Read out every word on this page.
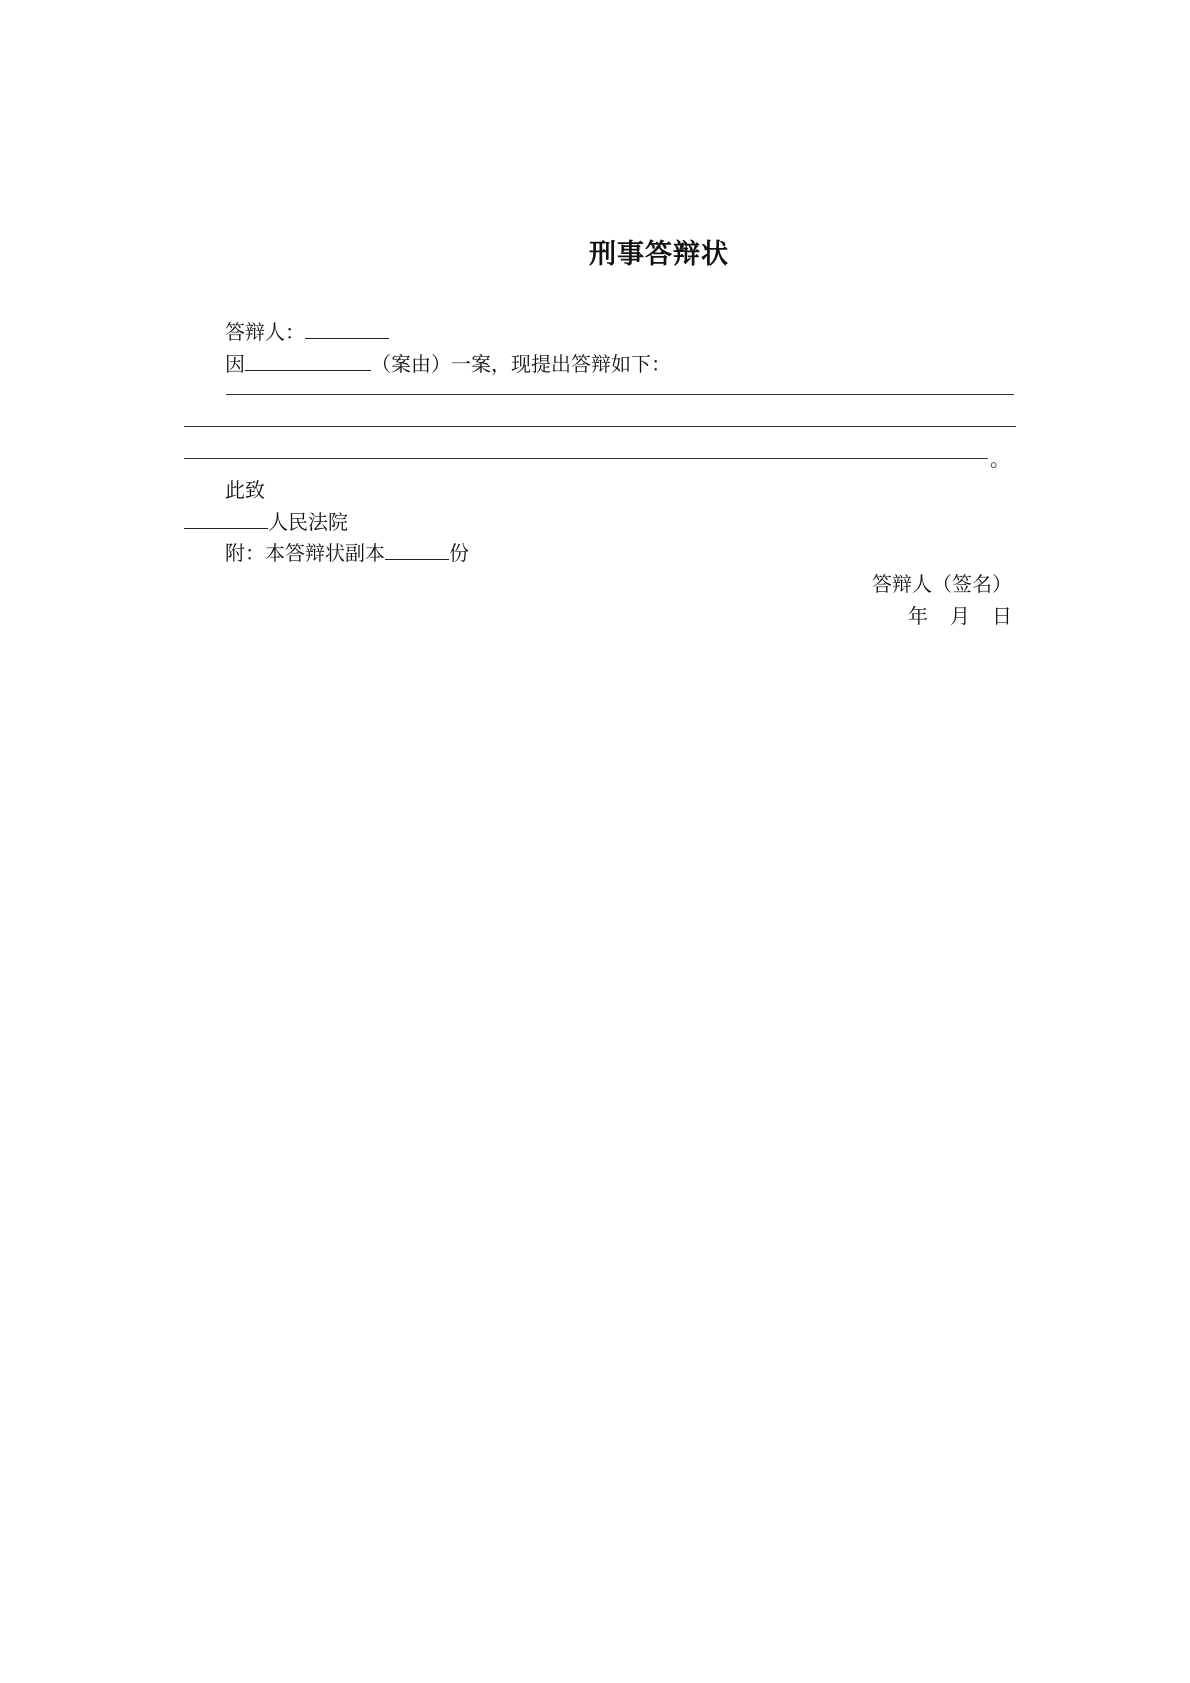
刑事答辩状
答辩人：
因	（案由）一案，现提出答辩如下：
。
此致
人民法院
附：本答辩状副本	份
答辩人（签名）
年 月 日
